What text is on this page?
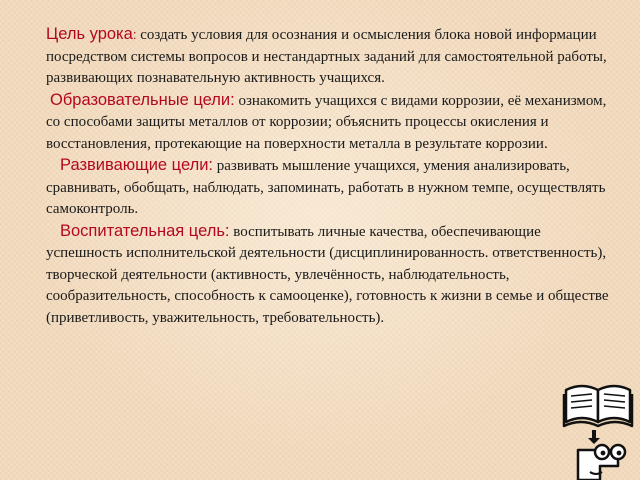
Цель урока: создать условия для осознания и осмысления блока новой информации посредством системы вопросов и нестандартных заданий для самостоятельной работы, развивающих познавательную активность учащихся.

Образовательные цели: ознакомить учащихся с видами коррозии, её механизмом, со способами защиты металлов от коррозии; объяснить процессы окисления и восстановления, протекающие на поверхности металла в результате коррозии.

Развивающие цели: развивать мышление учащихся, умения анализировать, сравнивать, обобщать, наблюдать, запоминать, работать в нужном темпе, осуществлять самоконтроль.

Воспитательная цель: воспитывать личные качества, обеспечивающие успешность исполнительской деятельности (дисциплинированность. ответственность), творческой деятельности (активность, увлечённость, наблюдательность, сообразительность, способность к самооценке), готовность к жизни в семье и обществе (приветливость, уважительность, требовательность).
